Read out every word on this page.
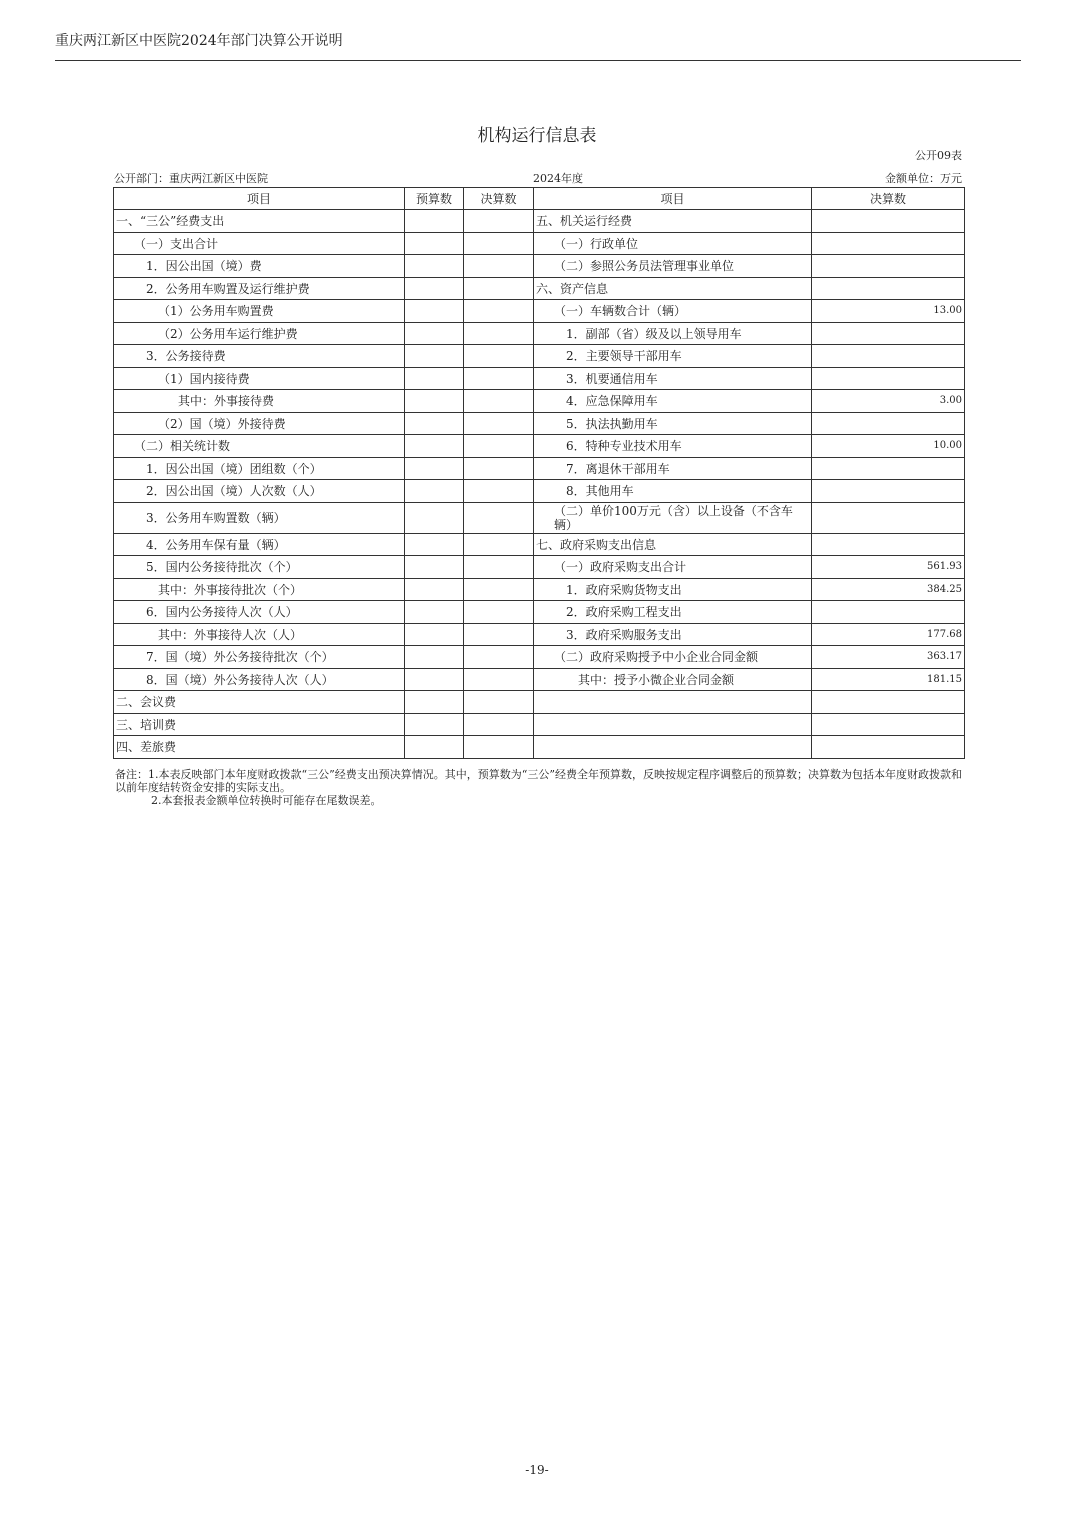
重庆两江新区中医院2024年部门决算公开说明
机构运行信息表
公开09表
公开部门：重庆两江新区中医院	2024年度	金额单位：万元
项目	预算数	决算数	项目	决算数
一、“三公”经费支出			五、机关运行经费	
（一）支出合计			（一）行政单位	
1．因公出国（境）费			（二）参照公务员法管理事业单位	
2．公务用车购置及运行维护费			六、资产信息	
（1）公务用车购置费			（一）车辆数合计（辆）	13.00
（2）公务用车运行维护费			1．副部（省）级及以上领导用车	
3．公务接待费			2．主要领导干部用车	
（1）国内接待费			3．机要通信用车	
其中：外事接待费			4．应急保障用车	3.00
（2）国（境）外接待费			5．执法执勤用车	
（二）相关统计数			6．特种专业技术用车	10.00
1．因公出国（境）团组数（个）			7．离退休干部用车	
2．因公出国（境）人次数（人）			8．其他用车	
3．公务用车购置数（辆）			（二）单价100万元（含）以上设备（不含车辆）	
4．公务用车保有量（辆）			七、政府采购支出信息	
5．国内公务接待批次（个）			（一）政府采购支出合计	561.93
其中：外事接待批次（个）			1．政府采购货物支出	384.25
6．国内公务接待人次（人）			2．政府采购工程支出	
其中：外事接待人次（人）			3．政府采购服务支出	177.68
7．国（境）外公务接待批次（个）			（二）政府采购授予中小企业合同金额	363.17
8．国（境）外公务接待人次（人）			其中：授予小微企业合同金额	181.15
二、会议费				
三、培训费				
四、差旅费				
备注：1.本表反映部门本年度财政拨款“三公”经费支出预决算情况。其中，预算数为“三公”经费全年预算数，反映按规定程序调整后的预算数；决算数为包括本年度财政拨款和以前年度结转资金安排的实际支出。
2.本套报表金额单位转换时可能存在尾数误差。
-19-
